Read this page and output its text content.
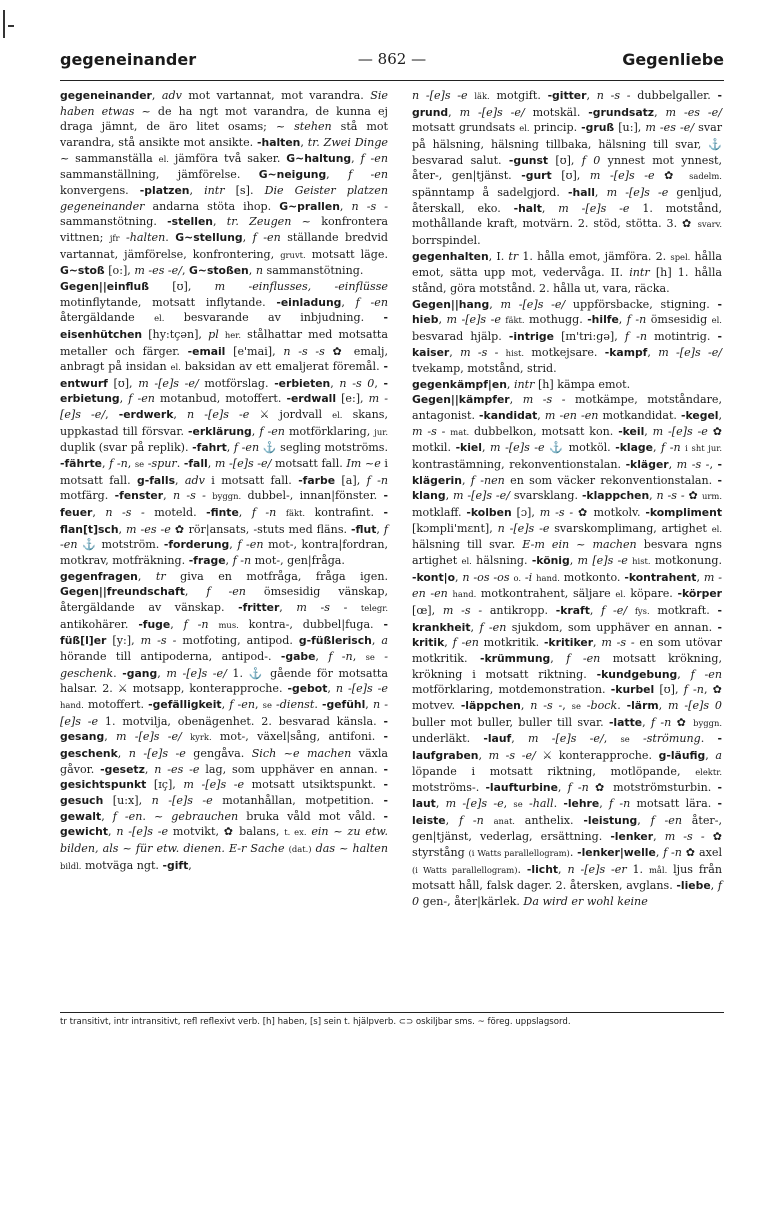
gegeneinander	— 862 —	Gegenliebe

gegeneinander, adv mot vartannat, mot varandra. Sie haben etwas ~ de ha ngt mot varandra, de kunna ej draga jämnt, de äro litet osams; ~ stehen stå mot varandra, stå ansikte mot ansikte. -halten, tr. Zwei Dinge ~ sammanställa el. jämföra två saker. G~haltung, f -en sammanställning, jämförelse. G~neigung, f -en konvergens. -platzen, intr [s]. Die Geister platzen gegeneinander andarna stöta ihop. G~prallen, n -s - sammanstötning. -stellen, tr. Zeugen ~ konfrontera vittnen; jfr -halten. G~stellung, f -en ställande bredvid vartannat, jämförelse, konfrontering, gruvt. motsatt läge. G~stoß [o:], m -es -e/, G~stoßen, n sammanstötning.

Gegen||einfluß [ʊ], m -einflusses, -einflüsse motinflytande, motsatt inflytande. -einladung, f -en återgäldande el. besvarande av inbjudning. -eisenhütchen [hy:tçən], pl her. stålhattar med motsatta metaller och färger. -email [e'mai], n -s -s ✿ emalj, anbragt på insidan el. baksidan av ett emaljerat föremål. -entwurf [ʊ], m -[e]s -e/ motförslag. -erbieten, n -s 0, -erbietung, f -en motanbud, motoffert. -erdwall [e:], m -[e]s -e/, -erdwerk, n -[e]s -e ⚔ jordvall el. skans, uppkastad till försvar. -erklärung, f -en motförklaring, jur. duplik (svar på replik). -fahrt, f -en ⚓ segling motströms. -fährte, f -n, se -spur. -fall, m -[e]s -e/ motsatt fall. Im ~e i motsatt fall. g-falls, adv i motsatt fall. -farbe [a], f -n motfärg. -fenster, n -s - byggn. dubbel-, innan|fönster. -feuer, n -s - moteld. -finte, f -n fäkt. kontrafint. -flan[t]sch, m -es -e ✿ rör|ansats, -stuts med fläns. -flut, f -en ⚓ motström. -forderung, f -en mot-, kontra|fordran, motkrav, motfräkning. -frage, f -n mot-, gen|fråga.

gegenfragen, tr giva en motfråga, fråga igen. Gegen||freundschaft, f -en ömsesidig vänskap, återgäldande av vänskap. -fritter, m -s - telegr. antikohärer. -fuge, f -n mus. kontra-, dubbel|fuga. -füß[l]er [y:], m -s - motfoting, antipod. g-füßlerisch, a hörande till antipoderna, antipod-. -gabe, f -n, se -geschenk. -gang, m -[e]s -e/ 1. ⚓ gående för motsatta halsar. 2. ⚔ motsapp, konterapproche. -gebot, n -[e]s -e hand. motoffert. -gefälligkeit, f -en, se -dienst. -gefühl, n -[e]s -e 1. motvilja, obenägenhet. 2. besvarad känsla. -gesang, m -[e]s -e/ kyrk. mot-, växel|sång, antifoni. -geschenk, n -[e]s -e gengåva. Sich ~e machen växla gåvor. -gesetz, n -es -e lag, som upphäver en annan. -gesichtspunkt [ɪç], m -[e]s -e motsatt utsiktspunkt. -gesuch [u:x], n -[e]s -e motanhållan, motpetition. -gewalt, f -en. ~ gebrauchen bruka våld mot våld. -gewicht, n -[e]s -e motvikt, ✿ balans, t. ex. ein ~ zu etw. bilden, als ~ für etw. dienen. E-r Sache (dat.) das ~ halten bildl. motväga ngt. -gift,

n -[e]s -e läk. motgift. -gitter, n -s - dubbelgaller. -grund, m -[e]s -e/ motskäl. -grundsatz, m -es -e/ motsatt grundsats el. princip. -gruß [u:], m -es -e/ svar på hälsning, hälsning tillbaka, hälsning till svar, ⚓ besvarad salut. -gunst [ʊ], f 0 ynnest mot ynnest, åter-, gen|tjänst. -gurt [ʊ], m -[e]s -e ✿ sadelm. spänntamp å sadelgjord. -hall, m -[e]s -e genljud, återskall, eko. -halt, m -[e]s -e 1. motstånd, mothållande kraft, motvärn. 2. stöd, stötta. 3. ✿ svarv. borrspindel.

gegenhalten, I. tr 1. hålla emot, jämföra. 2. spel. hålla emot, sätta upp mot, vedervåga. II. intr [h] 1. hålla stånd, göra motstånd. 2. hålla ut, vara, räcka.

Gegen||hang, m -[e]s -e/ uppförsbacke, stigning. -hieb, m -[e]s -e fäkt. mothugg. -hilfe, f -n ömsesidig el. besvarad hjälp. -intrige [ɪn'tri:gə], f -n motintrig. -kaiser, m -s - hist. motkejsare. -kampf, m -[e]s -e/ tvekamp, motstånd, strid.

gegenkämpf|en, intr [h] kämpa emot.

Gegen||kämpfer, m -s - motkämpe, motståndare, antagonist. -kandidat, m -en -en motkandidat. -kegel, m -s - mat. dubbelkon, motsatt kon. -keil, m -[e]s -e ✿ motkil. -kiel, m -[e]s -e ⚓ motköl. -klage, f -n i sht jur. kontrastämning, rekonventionstalan. -kläger, m -s -, -klägerin, f -nen en som väcker rekonventionstalan. -klang, m -[e]s -e/ svarsklang. -klappchen, n -s - ✿ urm. motklaff. -kolben [ɔ], m -s - ✿ motkolv. -kompliment [kɔmpli'mɛnt], n -[e]s -e svarskomplimang, artighet el. hälsning till svar. E-m ein ~ machen besvara ngns artighet el. hälsning. -könig, m [e]s -e hist. motkonung. -kont|o, n -os -os o. -i hand. motkonto. -kontrahent, m -en -en hand. motkontrahent, säljare el. köpare. -körper [œ], m -s - antikropp. -kraft, f -e/ fys. motkraft. -krankheit, f -en sjukdom, som upphäver en annan. -kritik, f -en motkritik. -kritiker, m -s - en som utövar motkritik. -krümmung, f -en motsatt krökning, krökning i motsatt riktning. -kundgebung, f -en motförklaring, motdemonstration. -kurbel [ʊ], f -n, ✿ motvev. -läppchen, n -s -, se -bock. -lärm, m -[e]s 0 buller mot buller, buller till svar. -latte, f -n ✿ byggn. underläkt. -lauf, m -[e]s -e/, se -strömung. -laufgraben, m -s -e/ ⚔ konterapproche. g-läufig, a löpande i motsatt riktning, motlöpande, elektr. motströms-. -laufturbine, f -n ✿ motströmsturbin. -laut, m -[e]s -e, se -hall. -lehre, f -n motsatt lära. -leiste, f -n anat. anthelix. -leistung, f -en åter-, gen|tjänst, vederlag, ersättning. -lenker, m -s - ✿ styrstång (i Watts parallellogram). -lenker|welle, f -n ✿ axel (i Watts parallellogram). -licht, n -[e]s -er 1. mål. ljus från motsatt håll, falsk dager. 2. återsken, avglans. -liebe, f 0 gen-, åter|kärlek. Da wird er wohl keine

tr transitivt, intr intransitivt, refl reflexivt verb. [h] haben, [s] sein t. hjälpverb. ⊂⊃ oskiljbar sms. ~ föreg. uppslagsord.
